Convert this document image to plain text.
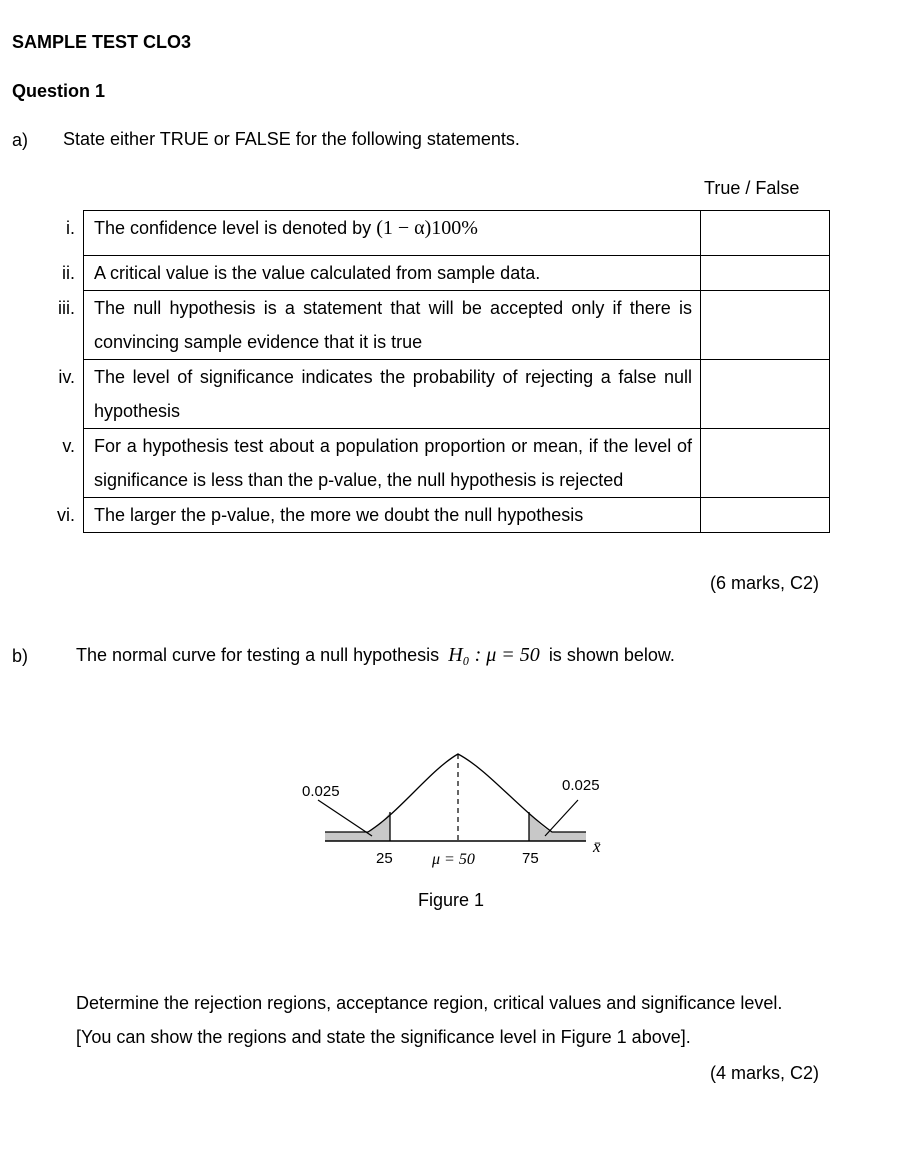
SAMPLE TEST CLO3
Question 1
a) State either TRUE or FALSE for the following statements.
True / False
i.	The confidence level is denoted by (1 − α)100%	
ii.	A critical value is the value calculated from sample data.	
iii.	The null hypothesis is a statement that will be accepted only if there is convincing sample evidence that it is true	
iv.	The level of significance indicates the probability of rejecting a false null hypothesis	
v.	For a hypothesis test about a population proportion or mean, if the level of significance is less than the p-value, the null hypothesis is rejected	
vi.	The larger the p-value, the more we doubt the null hypothesis	
(6 marks, C2)
b)	The normal curve for testing a null hypothesis H₀ : μ = 50 is shown below.
0.025	0.025
25 μ = 50	75
x̄
Figure 1
Determine the rejection regions, acceptance region, critical values and significance level. [You can show the regions and state the significance level in Figure 1 above].
(4 marks, C2)
